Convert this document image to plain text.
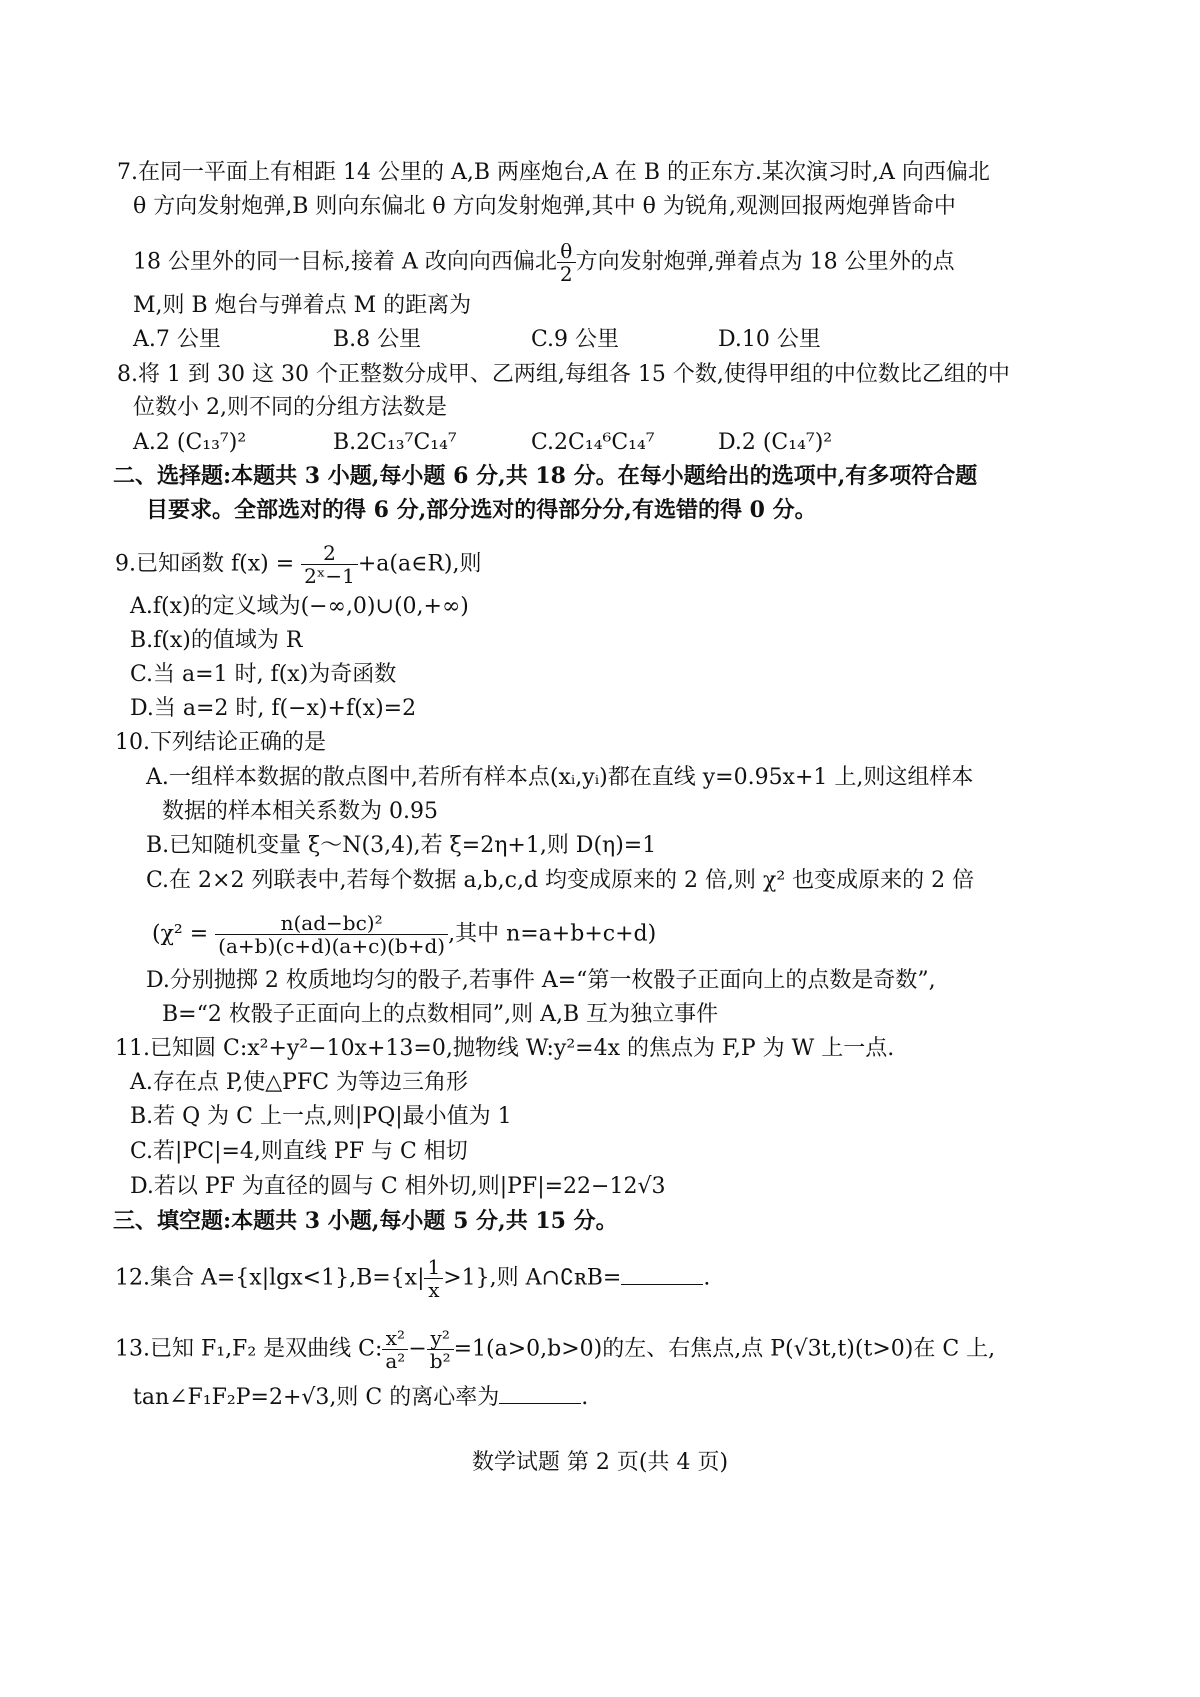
7.在同一平面上有相距 14 公里的 A,B 两座炮台,A 在 B 的正东方.某次演习时,A 向西偏北
θ 方向发射炮弹,B 则向东偏北 θ 方向发射炮弹,其中 θ 为锐角,观测回报两炮弹皆命中
18 公里外的同一目标,接着 A 改向向西偏北 $\frac{\theta}{2}$ 方向发射炮弹,弹着点为 18 公里外的点
M,则 B 炮台与弹着点 M 的距离为
A.7 公里	B.8 公里	C.9 公里	D.10 公里
8.将 1 到 30 这 30 个正整数分成甲、乙两组,每组各 15 个数,使得甲组的中位数比乙组的中
位数小 2,则不同的分组方法数是
A.2 (C₁₃⁷)²	B.2C₁₃⁷C₁₄⁷	C.2C₁₄⁶C₁₄⁷	D.2 (C₁₄⁷)²
二、选择题:本题共 3 小题,每小题 6 分,共 18 分。在每小题给出的选项中,有多项符合题
目要求。全部选对的得 6 分,部分选对的得部分分,有选错的得 0 分。
9.已知函数 $f(x) = \frac{2}{\text{2ˣ−1}}$ +a(a∈R),则
A.f(x)的定义域为(−∞,0)∪(0,+∞)
B.f(x)的值域为 R
C.当 a=1 时, f(x)为奇函数
D.当 a=2 时, f(−x)+f(x)=2
10.下列结论正确的是
A.一组样本数据的散点图中,若所有样本点(xᵢ,yᵢ)都在直线 y=0.95x+1 上,则这组样本
数据的样本相关系数为 0.95
B.已知随机变量 ξ～N(3,4),若 ξ=2η+1,则 D(η)=1
C.在 2×2 列联表中,若每个数据 a,b,c,d 均变成原来的 2 倍,则 χ² 也变成原来的 2 倍
($\chi^2 = \frac{\text{n(ad−bc)²}}{(a+b)(c+d)(a+c)(b+d)}$ ,其中 n=a+b+c+d)
D.分别抛掷 2 枚质地均匀的骰子,若事件 A=“第一枚骰子正面向上的点数是奇数”,
B=“2 枚骰子正面向上的点数相同”,则 A,B 互为独立事件
11.已知圆 C:x²+y²−10x+13=0,抛物线 W:y²=4x 的焦点为 F,P 为 W 上一点.
A.存在点 P,使△PFC 为等边三角形
B.若 Q 为 C 上一点,则|PQ|最小值为 1
C.若|PC|=4,则直线 PF 与 C 相切
D.若以 PF 为直径的圆与 C 相外切,则|PF|=22−12√3
三、填空题:本题共 3 小题,每小题 5 分,共 15 分。
12.集合 $A=\{x|\lg x<1\},B=\{x| \frac{1}{x} >1\}$,则 A∩∁ʀB=	.
13.已知 F₁,F₂ 是双曲线 C: $\frac{\text{x²}}{\text{a²}} - \frac{\text{y²}}{\text{b²}} =1(a>0,b>0)$的左、右焦点,点 P(√3t,t)(t>0)在 C 上,
tan∠F₁F₂P=2+√3,则 C 的离心率为	.
数学试题 第 2 页(共 4 页)
